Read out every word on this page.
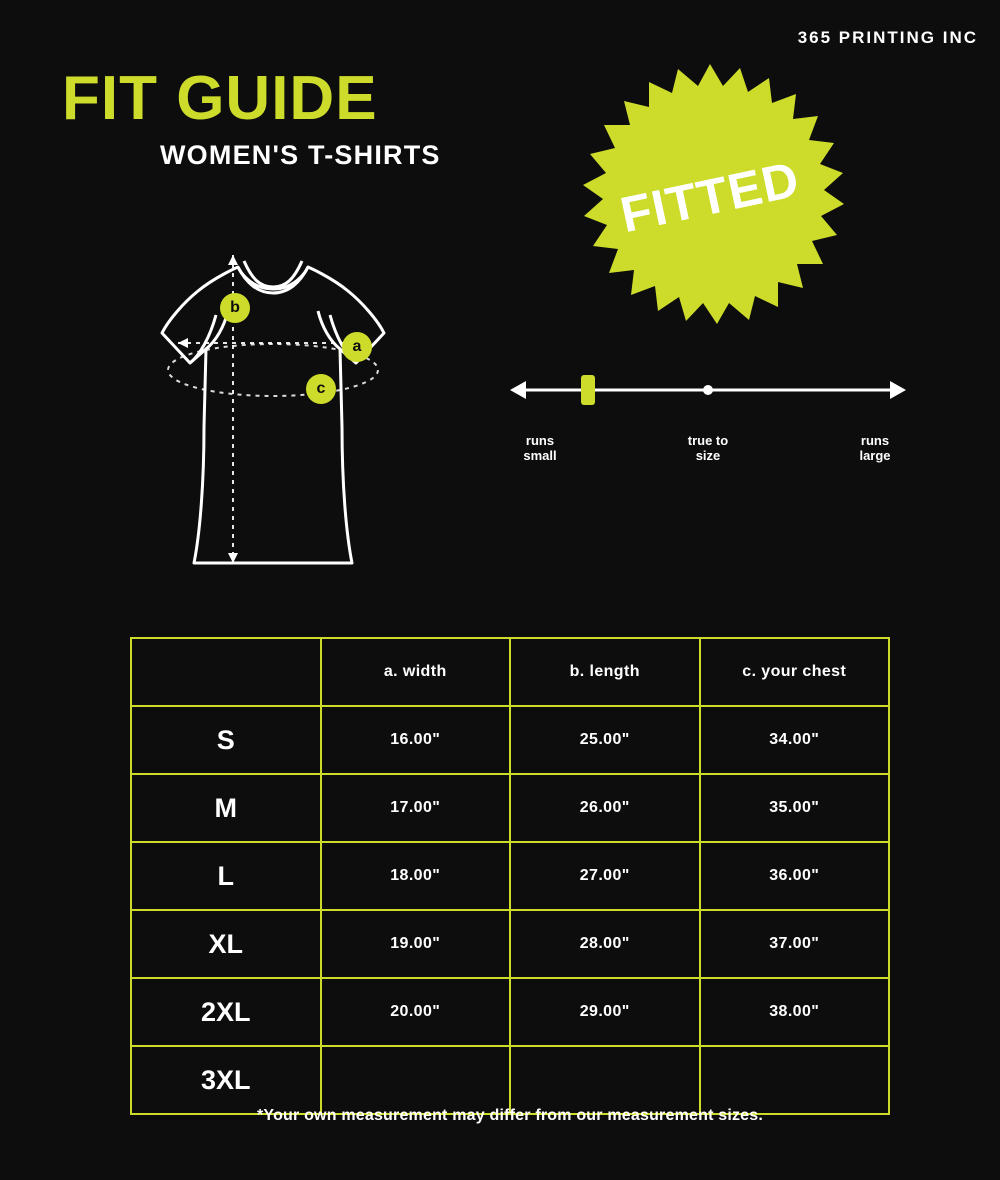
365 PRINTING INC
FIT GUIDE
WOMEN'S T-SHIRTS
a
b
c
FITTED
runs
small
true to
size
runs
large
	a. width	b. length	c. your chest
S	16.00"	25.00"	34.00"
M	17.00"	26.00"	35.00"
L	18.00"	27.00"	36.00"
XL	19.00"	28.00"	37.00"
2XL	20.00"	29.00"	38.00"
3XL			
*Your own measurement may differ from our measurement sizes.
